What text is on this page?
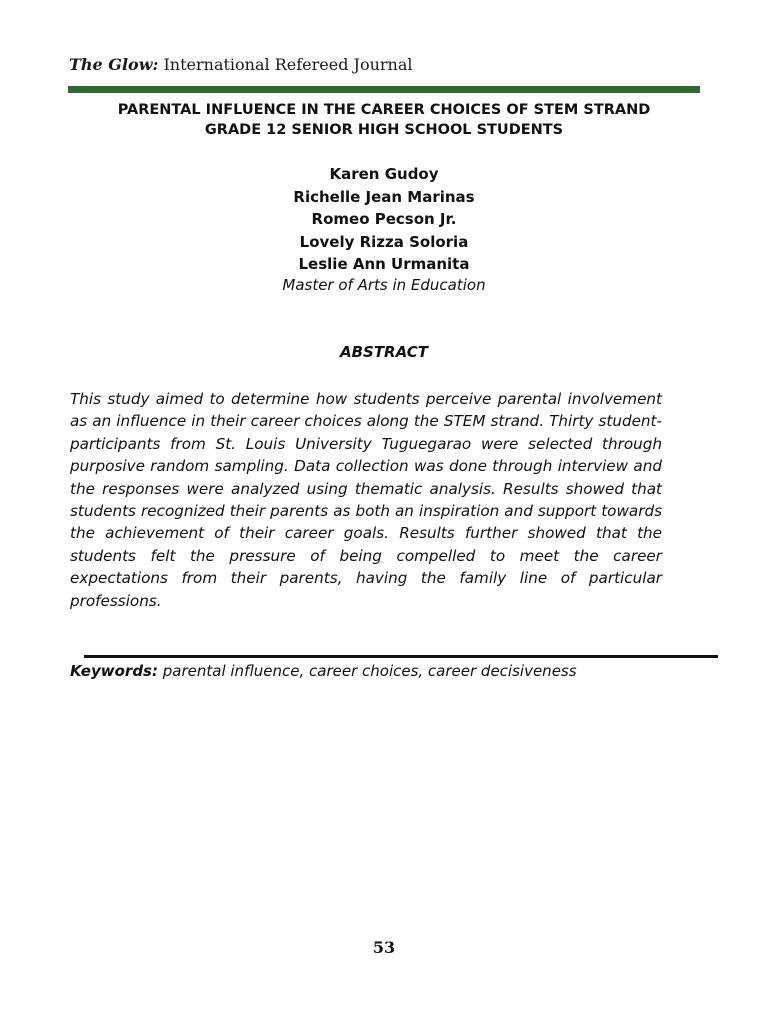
The Glow: International Refereed Journal
PARENTAL INFLUENCE IN THE CAREER CHOICES OF STEM STRAND
GRADE 12 SENIOR HIGH SCHOOL STUDENTS
Karen Gudoy
Richelle Jean Marinas
Romeo Pecson Jr.
Lovely Rizza Soloria
Leslie Ann Urmanita
Master of Arts in Education
ABSTRACT

This study aimed to determine how students perceive parental involvement as an influence in their career choices along the STEM strand. Thirty student-participants from St. Louis University Tuguegarao were selected through purposive random sampling. Data collection was done through interview and the responses were analyzed using thematic analysis. Results showed that students recognized their parents as both an inspiration and support towards the achievement of their career goals. Results further showed that the students felt the pressure of being compelled to meet the career expectations from their parents, having the family line of particular professions.

Keywords: parental influence, career choices, career decisiveness
53
